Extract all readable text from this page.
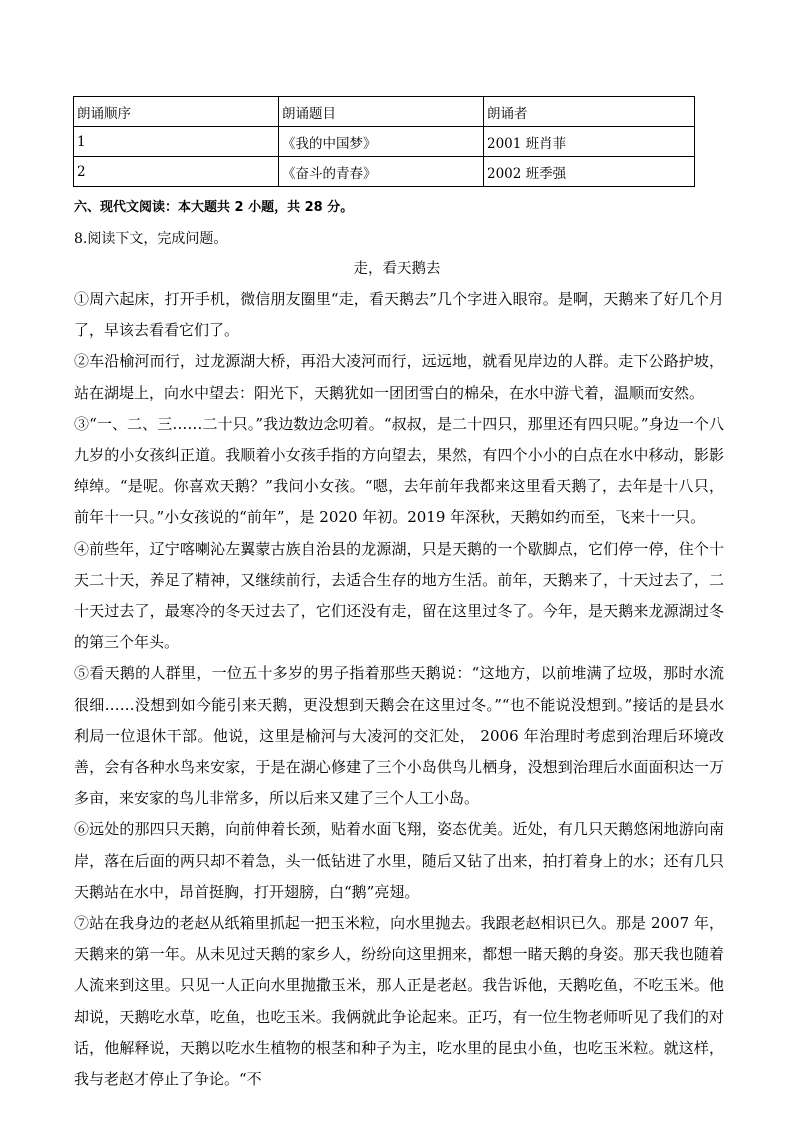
朗诵顺序	朗诵题目	朗诵者
1	《我的中国梦》	2001 班肖菲
2	《奋斗的青春》	2002 班季强
六、现代文阅读：本大题共 2 小题，共 28 分。
8.阅读下文，完成问题。
走，看天鹅去

①周六起床，打开手机，微信朋友圈里“走，看天鹅去”几个字进入眼帘。是啊，天鹅来了好几个月了，早该去看看它们了。

②车沿榆河而行，过龙源湖大桥，再沿大凌河而行，远远地，就看见岸边的人群。走下公路护坡，站在湖堤上，向水中望去：阳光下，天鹅犹如一团团雪白的棉朵，在水中游弋着，温顺而安然。

③“一、二、三……二十只。”我边数边念叨着。“叔叔，是二十四只，那里还有四只呢。”身边一个八九岁的小女孩纠正道。我顺着小女孩手指的方向望去，果然，有四个小小的白点在水中移动，影影绰绰。“是呢。你喜欢天鹅？”我问小女孩。“嗯，去年前年我都来这里看天鹅了，去年是十八只，前年十一只。”小女孩说的“前年”，是 2020 年初。2019 年深秋，天鹅如约而至，飞来十一只。

④前些年，辽宁喀喇沁左翼蒙古族自治县的龙源湖，只是天鹅的一个歇脚点，它们停一停，住个十天二十天，养足了精神，又继续前行，去适合生存的地方生活。前年，天鹅来了，十天过去了，二十天过去了，最寒冷的冬天过去了，它们还没有走，留在这里过冬了。今年，是天鹅来龙源湖过冬的第三个年头。

⑤看天鹅的人群里，一位五十多岁的男子指着那些天鹅说：“这地方，以前堆满了垃圾，那时水流很细……没想到如今能引来天鹅，更没想到天鹅会在这里过冬。”“也不能说没想到。”接话的是县水利局一位退休干部。他说，这里是榆河与大凌河的交汇处， 2006 年治理时考虑到治理后环境改善，会有各种水鸟来安家，于是在湖心修建了三个小岛供鸟儿栖身，没想到治理后水面面积达一万多亩，来安家的鸟儿非常多，所以后来又建了三个人工小岛。

⑥远处的那四只天鹅，向前伸着长颈，贴着水面飞翔，姿态优美。近处，有几只天鹅悠闲地游向南岸，落在后面的两只却不着急，头一低钻进了水里，随后又钻了出来，拍打着身上的水；还有几只天鹅站在水中，昂首挺胸，打开翅膀，白“鹅”亮翅。

⑦站在我身边的老赵从纸箱里抓起一把玉米粒，向水里抛去。我跟老赵相识已久。那是 2007 年，天鹅来的第一年。从未见过天鹅的家乡人，纷纷向这里拥来，都想一睹天鹅的身姿。那天我也随着人流来到这里。只见一人正向水里抛撒玉米，那人正是老赵。我告诉他，天鹅吃鱼，不吃玉米。他却说，天鹅吃水草，吃鱼，也吃玉米。我俩就此争论起来。正巧，有一位生物老师听见了我们的对话，他解释说，天鹅以吃水生植物的根茎和种子为主，吃水里的昆虫小鱼，也吃玉米粒。就这样，我与老赵才停止了争论。“不
